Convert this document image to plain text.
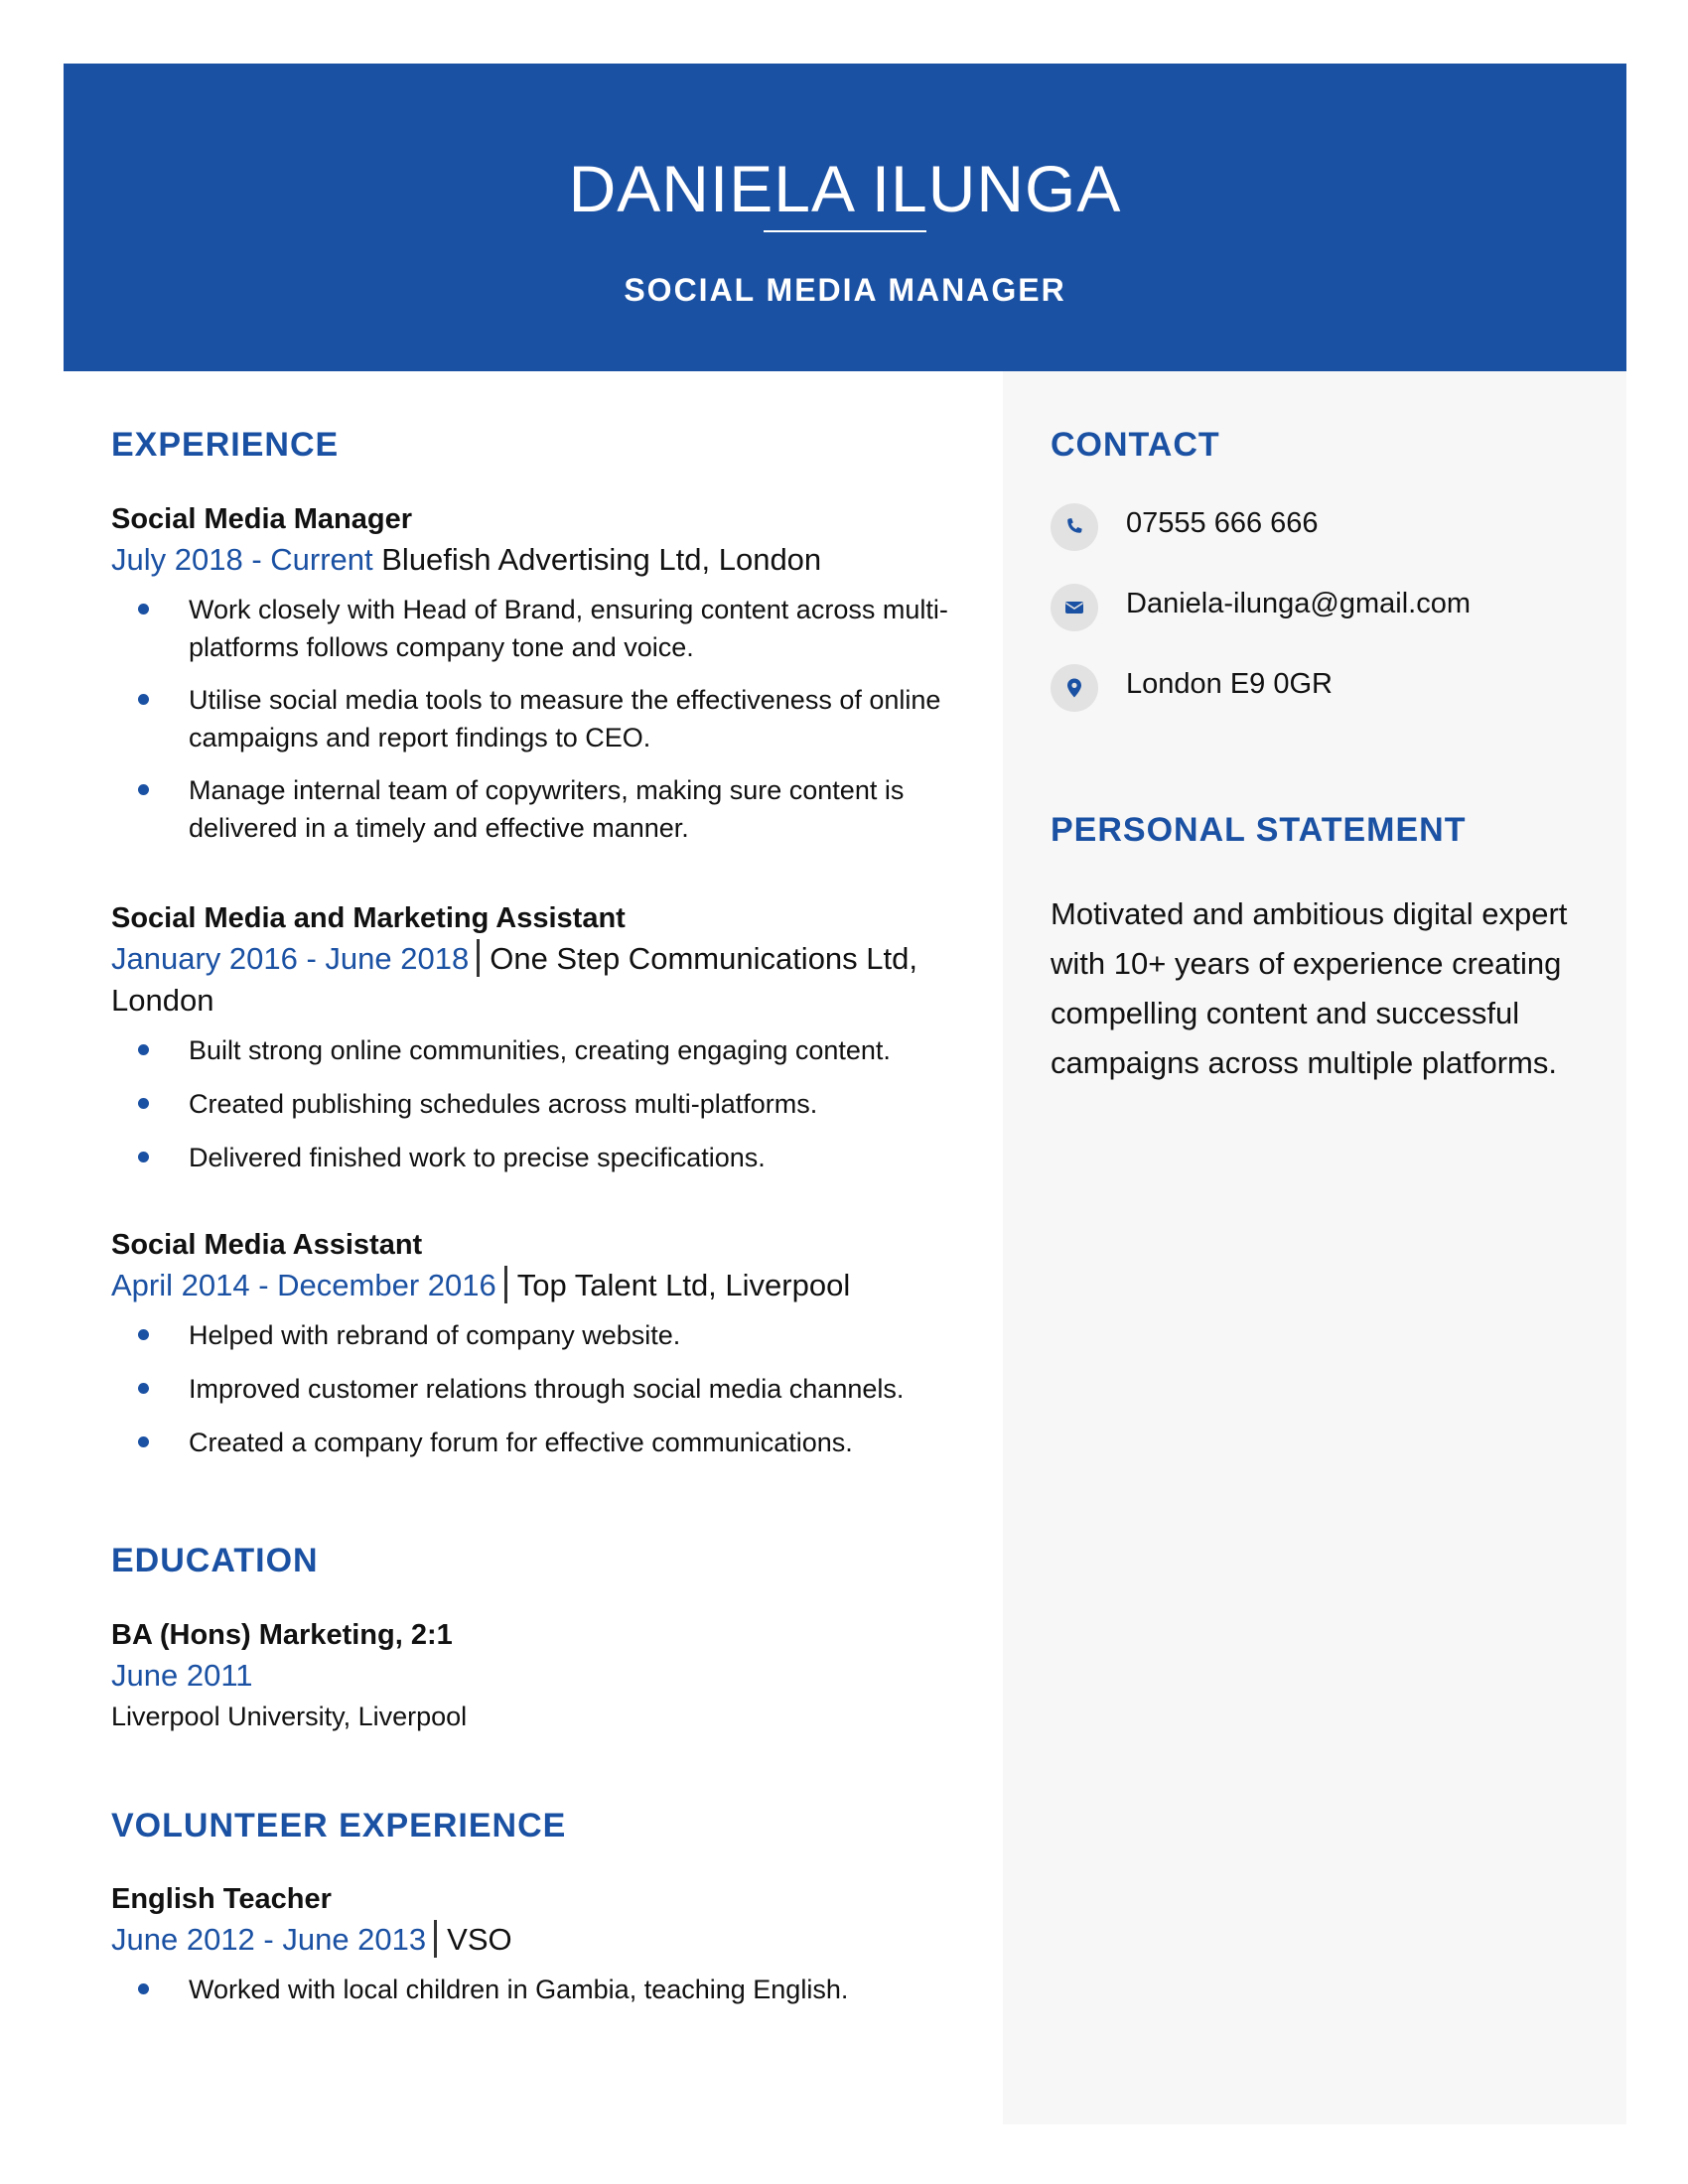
DANIELA ILUNGA
SOCIAL MEDIA MANAGER
EXPERIENCE
Social Media Manager
July 2018 - Current Bluefish Advertising Ltd, London
Work closely with Head of Brand, ensuring content across multi-platforms follows company tone and voice.
Utilise social media tools to measure the effectiveness of online campaigns and report findings to CEO.
Manage internal team of copywriters, making sure content is delivered in a timely and effective manner.
Social Media and Marketing Assistant
January 2016 - June 2018 One Step Communications Ltd, London
Built strong online communities, creating engaging content.
Created publishing schedules across multi-platforms.
Delivered finished work to precise specifications.
Social Media Assistant
April 2014 - December 2016 Top Talent Ltd, Liverpool
Helped with rebrand of company website.
Improved customer relations through social media channels.
Created a company forum for effective communications.
EDUCATION
BA (Hons) Marketing, 2:1
June 2011
Liverpool University, Liverpool
VOLUNTEER EXPERIENCE
English Teacher
June 2012 - June 2013 VSO
Worked with local children in Gambia, teaching English.
CONTACT
07555 666 666
Daniela-ilunga@gmail.com
London E9 0GR
PERSONAL STATEMENT
Motivated and ambitious digital expert with 10+ years of experience creating compelling content and successful campaigns across multiple platforms.
